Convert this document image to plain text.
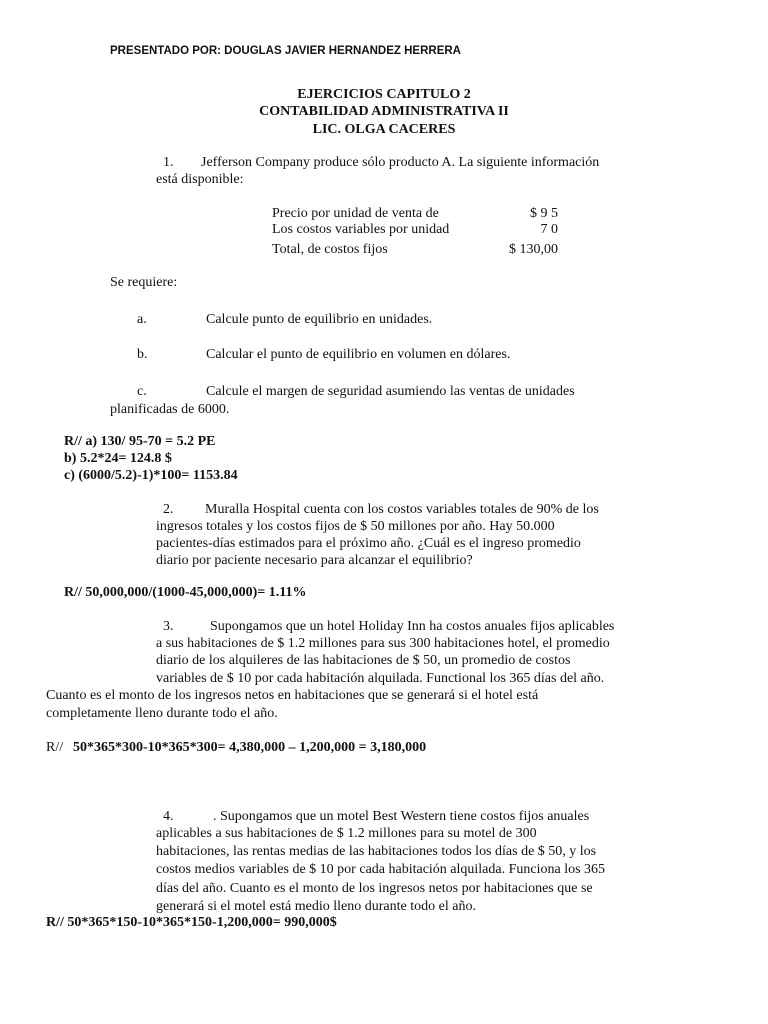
PRESENTADO POR: DOUGLAS JAVIER HERNANDEZ HERRERA
EJERCICIOS CAPITULO 2
CONTABILIDAD ADMINISTRATIVA II
LIC. OLGA CACERES
1. Jefferson Company produce sólo producto A. La siguiente información
está disponible:
Precio por unidad de venta de	$ 9 5
Los costos variables por unidad	7 0
Total, de costos fijos	$ 130,00
Se requiere:
a.	Calcule punto de equilibrio en unidades.
b.	Calcular el punto de equilibrio en volumen en dólares.
c.	Calcule el margen de seguridad asumiendo las ventas de unidades
planificadas de 6000.
R// a) 130/ 95-70 = 5.2 PE
b) 5.2*24= 124.8 $
c) (6000/5.2)-1)*100= 1153.84
2. Muralla Hospital cuenta con los costos variables totales de 90% de los
ingresos totales y los costos fijos de $ 50 millones por año. Hay 50.000
pacientes-días estimados para el próximo año. ¿Cuál es el ingreso promedio
diario por paciente necesario para alcanzar el equilibrio?
R// 50,000,000/(1000-45,000,000)= 1.11%
3.	Supongamos que un hotel Holiday Inn ha costos anuales fijos aplicables
a sus habitaciones de $ 1.2 millones para sus 300 habitaciones hotel, el promedio
diario de los alquileres de las habitaciones de $ 50, un promedio de costos
variables de $ 10 por cada habitación alquilada. Functional los 365 días del año.
Cuanto es el monto de los ingresos netos en habitaciones que se generará si el hotel está
completamente lleno durante todo el año.
R// 50*365*300-10*365*300= 4,380,000 – 1,200,000 = 3,180,000
4.	. Supongamos que un motel Best Western tiene costos fijos anuales
aplicables a sus habitaciones de $ 1.2 millones para su motel de 300
habitaciones, las rentas medias de las habitaciones todos los días de $ 50, y los
costos medios variables de $ 10 por cada habitación alquilada. Funciona los 365
días del año. Cuanto es el monto de los ingresos netos por habitaciones que se
generará si el motel está medio lleno durante todo el año.
R// 50*365*150-10*365*150-1,200,000= 990,000$
